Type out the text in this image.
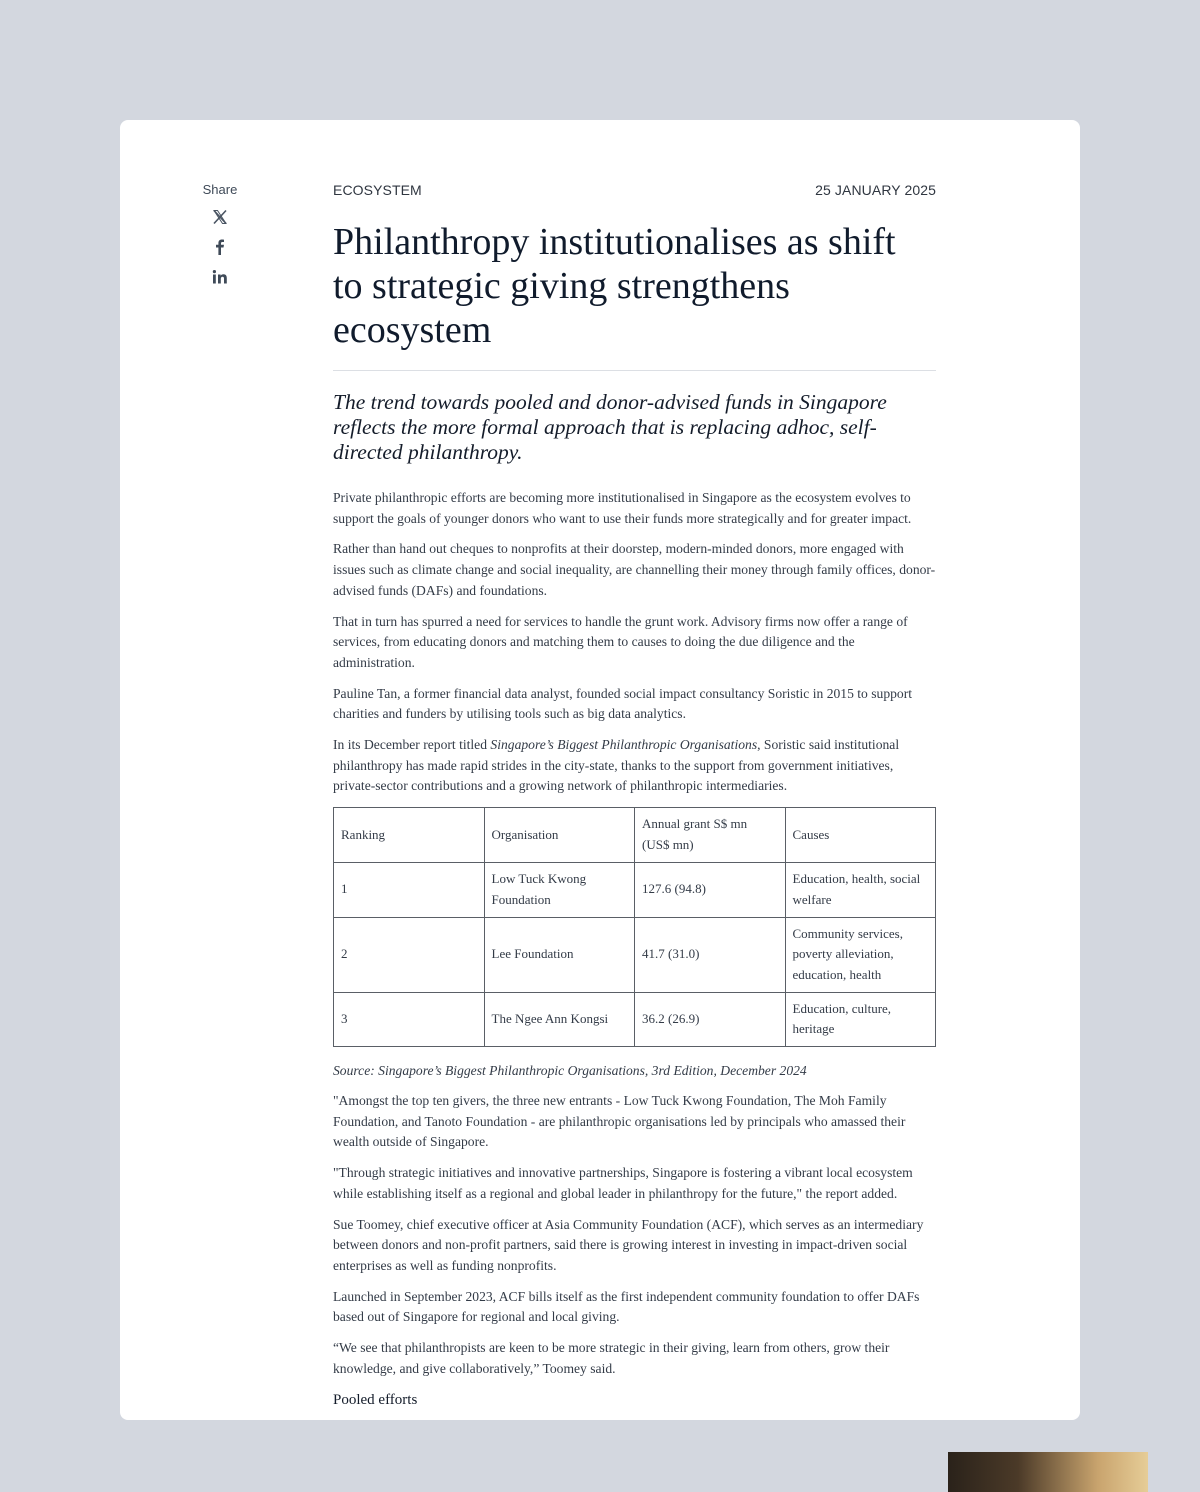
Share	ECOSYSTEM	25 JANUARY 2025
Philanthropy institutionalises as shift to strategic giving strengthens ecosystem

The trend towards pooled and donor-advised funds in Singapore reflects the more formal approach that is replacing adhoc, self-directed philanthropy.

Private philanthropic efforts are becoming more institutionalised in Singapore as the ecosystem evolves to support the goals of younger donors who want to use their funds more strategically and for greater impact.

Rather than hand out cheques to nonprofits at their doorstep, modern-minded donors, more engaged with issues such as climate change and social inequality, are channelling their money through family offices, donor-advised funds (DAFs) and foundations.

That in turn has spurred a need for services to handle the grunt work. Advisory firms now offer a range of services, from educating donors and matching them to causes to doing the due diligence and the administration.

Pauline Tan, a former financial data analyst, founded social impact consultancy Soristic in 2015 to support charities and funders by utilising tools such as big data analytics.

In its December report titled Singapore’s Biggest Philanthropic Organisations, Soristic said institutional philanthropy has made rapid strides in the city-state, thanks to the support from government initiatives, private-sector contributions and a growing network of philanthropic intermediaries.

Ranking	Organisation	Annual grant S$ mn (US$ mn)	Causes
1	Low Tuck Kwong Foundation	127.6 (94.8)	Education, health, social welfare
2	Lee Foundation	41.7 (31.0)	Community services, poverty alleviation, education, health
3	The Ngee Ann Kongsi	36.2 (26.9)	Education, culture, heritage

Source: Singapore’s Biggest Philanthropic Organisations, 3rd Edition, December 2024

"Amongst the top ten givers, the three new entrants - Low Tuck Kwong Foundation, The Moh Family Foundation, and Tanoto Foundation - are philanthropic organisations led by principals who amassed their wealth outside of Singapore.

"Through strategic initiatives and innovative partnerships, Singapore is fostering a vibrant local ecosystem while establishing itself as a regional and global leader in philanthropy for the future," the report added.

Sue Toomey, chief executive officer at Asia Community Foundation (ACF), which serves as an intermediary between donors and non-profit partners, said there is growing interest in investing in impact-driven social enterprises as well as funding nonprofits.

Launched in September 2023, ACF bills itself as the first independent community foundation to offer DAFs based out of Singapore for regional and local giving.

“We see that philanthropists are keen to be more strategic in their giving, learn from others, grow their knowledge, and give collaboratively,” Toomey said.

Pooled efforts
